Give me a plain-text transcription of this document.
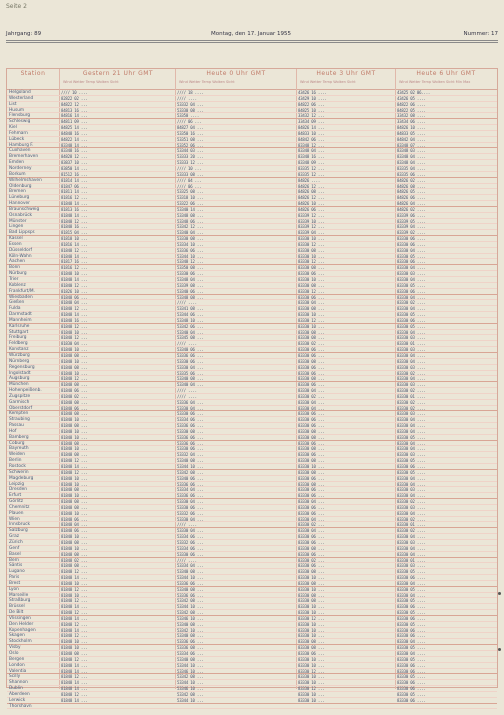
Seite 2
Jahrgang: 89	Montag, den 17. Januar 1955	Nummer: 17
Station	Gestern 21 Uhr GMT	Heute 0 Uhr GMT	Heute 3 Uhr GMT	Heute 6 Uhr GMT
Wind Wetter Temp Wolken Sicht	Wind Wetter Temp Wolken Sicht	Wind Wetter Temp Wolken Sicht	Wind Wetter Temp Wolken Sicht Min Max
Helgoland	//// 10 ....	//// 18 ....	43426 16 ....	43425 02 06....
Westerland	82822 02 ...	//// ....	43429 10 ....	43426 05 ....
List	84822 12 ...	53332 04 ...	84822 06 ...	84822 06 ....
Husum	84813 16 ...	53330 08 ...	84825 10 ...	84822 05 ....
Flensburg	84816 14 ...	53350 ....	33432 12 ...	33432 08 ....
Schleswig	84811 09 ...	//// 06 ...	33434 09 ...	33434 06 ....
Kiel	84825 14 ...	84827 04 ...	84826 14 ...	84826 10 ....
Fehmarn	84848 16 ...	53350 16 ...	84833 10 ...	84833 05 ....
Lübeck	84822 14 ...	53351 08 ...	84842 06 ...	84842 04 ....
Hamburg F.	83348 14 ...	53352 06 ...	83348 12 ...	83348 07 ....
Cuxhaven	83348 16 ...	53344 03 ...	83348 04 ...	83348 03 ....
Bremerhaven	84828 12 ...	53333 20 ...	83348 16 ...	83348 04 ....
Emden	83837 10 ...	53333 12 ...	83348 09 ...	83348 04 ....
Norderney	83850 14 ...	//// 10 ...	83335 12 ...	83335 04 ....
Borkum	81512 16 ...	53333 08 ...	83335 12 ...	83335 06 ....
Wilhelmshaven	81814 14 ...	//// 04 ...	84826 ....	84826 02 ....
Oldenburg	81847 06 ...	//// 06 ...	84826 12 ...	84826 08 ....
Bremen	81811 14 ...	53325 08 ...	84826 08 ...	84826 05 ....
Lüneburg	81816 12 ...	53318 10 ...	84826 12 ...	84826 06 ....
Hannover	81848 14 ...	53322 06 ...	84826 10 ...	84826 04 ....
Braunschweig	81813 16 ...	53340 14 ...	84826 06 ...	84826 02 ....
Osnabrück	81848 14 ...	53348 08 ...	83339 12 ...	83339 06 ....
Münster	81848 12 ...	53348 06 ...	83339 10 ...	83339 05 ....
Lingen	81848 16 ...	53342 12 ...	83339 12 ...	83339 04 ....
Bad Lippspr.	81815 04 ...	53340 04 ...	83339 04 ...	83339 02 ....
Kassel	81818 10 ...	53330 08 ...	83330 10 ...	83330 06 ....
Essen	81816 14 ...	53334 10 ...	83330 12 ...	83330 06 ....
Düsseldorf	81848 12 ...	53336 06 ...	83330 08 ...	83330 04 ....
Köln-Wahn	81848 14 ...	53344 10 ...	83330 10 ...	83330 05 ....
Aachen	81817 16 ...	53348 12 ...	83330 12 ...	83330 06 ....
Bonn	81816 12 ...	53350 08 ...	83330 08 ...	83330 04 ....
Nürburg	81848 10 ...	53330 06 ...	83330 06 ...	83330 03 ....
Trier	81848 14 ...	53348 04 ...	83330 10 ...	83330 04 ....
Koblenz	81840 12 ...	53339 08 ...	83330 08 ...	83330 05 ....
Frankfurt/M.	81826 10 ...	53340 06 ...	83330 12 ...	83330 06 ....
Wiesbaden	81848 06 ...	53348 08 ...	83330 06 ...	83330 04 ....
Gießen	81848 04 ...	//// ....	83330 04 ...	83330 02 ....
Fulda	81848 12 ...	53341 08 ...	83330 08 ...	83330 04 ....
Darmstadt	81848 14 ...	53344 06 ...	83330 10 ...	83330 05 ....
Mannheim	81848 16 ...	53348 10 ...	83330 12 ...	83330 06 ....
Karlsruhe	81848 12 ...	53342 06 ...	83330 10 ...	83330 05 ....
Stuttgart	81848 10 ...	53340 04 ...	83330 08 ...	83330 04 ....
Freiburg	81848 12 ...	53345 08 ...	83330 08 ...	83330 03 ....
Feldberg	81830 04 ...	//// ....	83330 02 ...	83330 01 ....
Konstanz	81848 10 ...	53340 06 ...	83330 06 ...	83330 03 ....
Würzburg	81848 08 ...	53336 06 ...	83330 06 ...	83330 04 ....
Nürnberg	81848 10 ...	53330 06 ...	83330 08 ...	83330 04 ....
Regensburg	81848 08 ...	53330 04 ...	83330 06 ...	83330 03 ....
Ingolstadt	81848 10 ...	53335 06 ...	83330 06 ...	83330 02 ....
Augsburg	81848 12 ...	53340 08 ...	83330 08 ...	83330 04 ....
München	81848 08 ...	53340 04 ...	83330 06 ...	83330 03 ....
Hohenpeißenb.	81848 06 ...	//// ....	83330 04 ...	83330 02 ....
Zugspitze	81848 02 ...	//// ....	83330 02 ...	83330 01 ....
Garmisch	81848 08 ...	53336 04 ...	83330 04 ...	83330 02 ....
Oberstdorf	81848 06 ...	53330 04 ...	83330 04 ...	83330 02 ....
Kempten	81848 08 ...	53330 06 ...	83330 06 ...	83330 03 ....
Straubing	81848 10 ...	53334 06 ...	83330 06 ...	83330 04 ....
Passau	81848 08 ...	53336 06 ...	83330 06 ...	83330 04 ....
Hof	81848 10 ...	53330 08 ...	83330 08 ...	83330 04 ....
Bamberg	81848 10 ...	53336 06 ...	83330 08 ...	83330 05 ....
Coburg	81848 08 ...	53336 06 ...	83330 06 ...	83330 04 ....
Bayreuth	81848 10 ...	53330 06 ...	83330 08 ...	83330 04 ....
Weiden	81848 08 ...	53332 04 ...	83330 06 ...	83330 03 ....
Berlin	81848 12 ...	53340 08 ...	83330 08 ...	83330 05 ....
Rostock	81848 14 ...	53344 10 ...	83330 10 ...	83330 06 ....
Schwerin	81848 12 ...	53342 08 ...	83330 08 ...	83330 05 ....
Magdeburg	81848 10 ...	53340 06 ...	83330 06 ...	83330 04 ....
Leipzig	81848 10 ...	53336 06 ...	83330 08 ...	83330 04 ....
Dresden	81848 08 ...	53334 04 ...	83330 06 ...	83330 03 ....
Erfurt	81848 10 ...	53336 06 ...	83330 06 ...	83330 04 ....
Görlitz	81848 08 ...	53330 04 ...	83330 04 ...	83330 02 ....
Chemnitz	81848 08 ...	53330 06 ...	83330 06 ...	83330 03 ....
Plauen	81848 10 ...	53332 06 ...	83330 06 ...	83330 04 ....
Wien	81848 06 ...	53330 04 ...	83330 04 ...	83330 02 ....
Innsbruck	81848 04 ...	//// ....	83330 02 ...	83330 01 ....
Salzburg	81848 06 ...	53330 04 ...	83330 04 ...	83330 02 ....
Graz	81848 10 ...	53334 06 ...	83330 06 ...	83330 04 ....
Zürich	81848 08 ...	53332 06 ...	83330 06 ...	83330 03 ....
Genf	81848 10 ...	53334 06 ...	83330 08 ...	83330 04 ....
Basel	81848 08 ...	53330 06 ...	83330 06 ...	83330 04 ....
Bern	81848 02 ...	//// ....	83330 02 ...	83330 01 ....
Säntis	81848 08 ...	53334 04 ...	83330 06 ...	83330 03 ....
Lugano	81848 12 ...	53340 08 ...	83330 08 ...	83330 05 ....
Paris	81848 14 ...	53344 10 ...	83330 10 ...	83330 06 ....
Brest	81848 10 ...	53336 06 ...	83330 08 ...	83330 04 ....
Lyon	81848 12 ...	53340 08 ...	83330 10 ...	83330 05 ....
Marseille	81848 10 ...	53336 06 ...	83330 08 ...	83330 04 ....
Straßburg	81848 12 ...	53342 08 ...	83330 08 ...	83330 05 ....
Brüssel	81848 14 ...	53344 10 ...	83330 10 ...	83330 06 ....
De Bilt	81848 12 ...	53342 08 ...	83330 10 ...	83330 05 ....
Vlissingen	81848 14 ...	53346 10 ...	83330 12 ...	83330 06 ....
Den Helder	81848 12 ...	53340 08 ...	83330 10 ...	83330 05 ....
Kopenhagen	81848 14 ...	53342 10 ...	83330 10 ...	83330 06 ....
Skagen	81848 12 ...	53340 08 ...	83330 10 ...	83330 06 ....
Stockholm	81848 10 ...	53336 06 ...	83330 08 ...	83330 04 ....
Visby	81848 10 ...	53336 08 ...	83330 08 ...	83330 05 ....
Oslo	81848 08 ...	53334 06 ...	83330 06 ...	83330 04 ....
Bergen	81848 12 ...	53340 08 ...	83330 10 ...	83330 05 ....
London	81848 14 ...	53344 10 ...	83330 10 ...	83330 06 ....
Valentia	81848 14 ...	53346 10 ...	83330 12 ...	83330 06 ....
Scilly	81848 12 ...	53342 08 ...	83330 10 ...	83330 05 ....
Shannon	81848 14 ...	53344 10 ...	83330 10 ...	83330 06 ....
Dublin	81848 14 ...	53346 10 ...	83330 12 ...	83330 06 ....
Aberdeen	81848 12 ...	53342 08 ...	83330 10 ...	83330 05 ....
Lerwick	81848 14 ...	53344 10 ...	83330 10 ...	83330 06 ....
Thorshavn
